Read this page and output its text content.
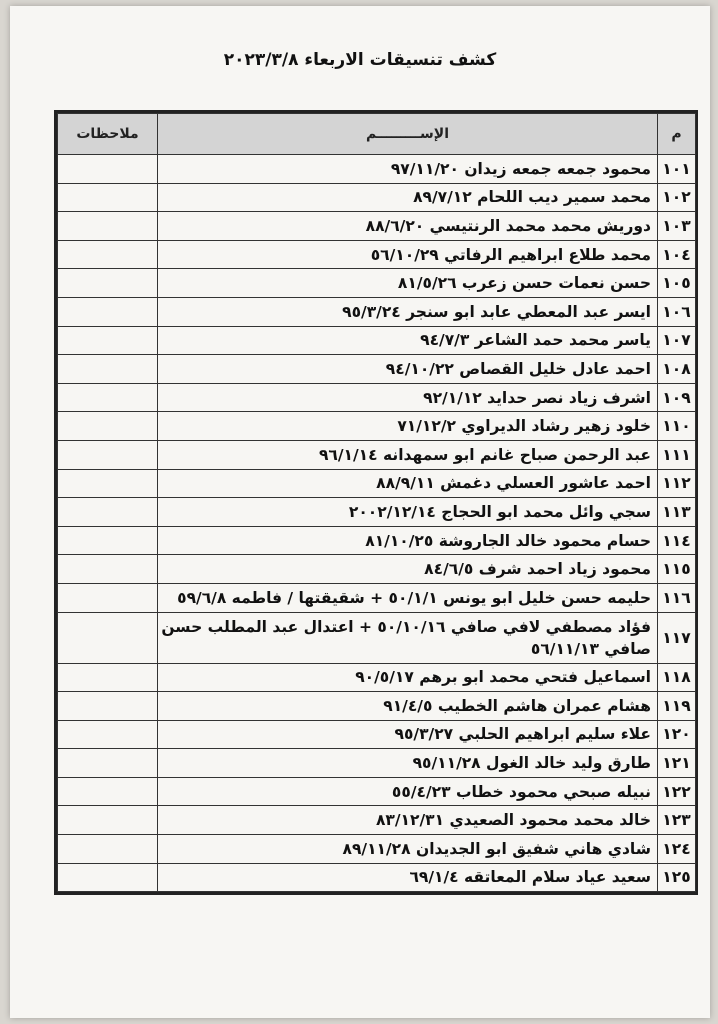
كشف تنسيقات الاربعاء ٢٠٢٣/٣/٨
م	الإســـــــــم	ملاحظات
١٠١	محمود جمعه جمعه زيدان ٩٧/١١/٢٠	
١٠٢	محمد سمير ديب اللحام ٨٩/٧/١٢	
١٠٣	دوريش محمد محمد الرنتيسي ٨٨/٦/٢٠	
١٠٤	محمد طلاع ابراهيم الرفاتي ٥٦/١٠/٢٩	
١٠٥	حسن نعمات حسن زعرب ٨١/٥/٢٦	
١٠٦	ايسر عبد المعطي عابد ابو سنجر ٩٥/٣/٢٤	
١٠٧	ياسر محمد حمد الشاعر ٩٤/٧/٣	
١٠٨	احمد عادل خليل القصاص ٩٤/١٠/٢٢	
١٠٩	اشرف زياد نصر حداید ٩٢/١/١٢	
١١٠	خلود زهير رشاد الديراوي ٧١/١٢/٢	
١١١	عبد الرحمن صباح غانم ابو سمهدانه ٩٦/١/١٤	
١١٢	احمد عاشور العسلي دغمش ٨٨/٩/١١	
١١٣	سجي وائل محمد ابو الحجاج ٢٠٠٢/١٢/١٤	
١١٤	حسام محمود خالد الجاروشة ٨١/١٠/٢٥	
١١٥	محمود زياد احمد شرف ٨٤/٦/٥	
١١٦	حليمه حسن خليل ابو يونس ٥٠/١/١ + شقيقتها / فاطمه ٥٩/٦/٨	
١١٧	فؤاد مصطفي لافي صافي ٥٠/١٠/١٦ + اعتدال عبد المطلب حسن صافي ٥٦/١١/١٣	
١١٨	اسماعيل فتحي محمد ابو برهم ٩٠/٥/١٧	
١١٩	هشام عمران هاشم الخطيب ٩١/٤/٥	
١٢٠	علاء سليم ابراهيم الحلبي ٩٥/٣/٢٧	
١٢١	طارق وليد خالد الغول ٩٥/١١/٢٨	
١٢٢	نبيله صبحي محمود خطاب ٥٥/٤/٢٣	
١٢٣	خالد محمد محمود الصعيدي ٨٣/١٢/٣١	
١٢٤	شادي هاني شفيق ابو الجديدان ٨٩/١١/٢٨	
١٢٥	سعيد عياد سلام المعاتقه ٦٩/١/٤	
